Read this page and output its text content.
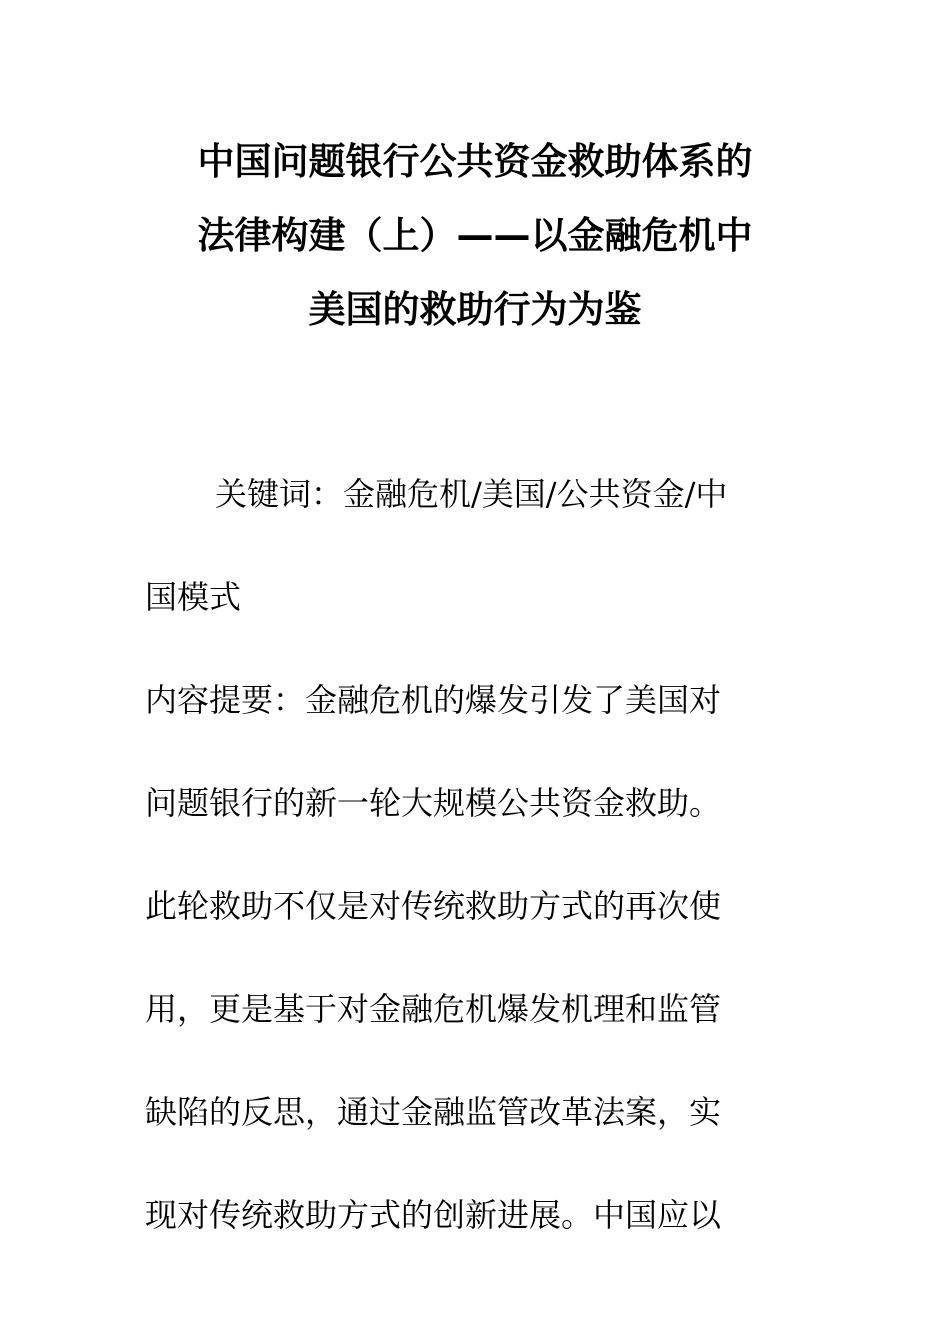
中国问题银行公共资金救助体系的
法律构建（上）——以金融危机中
美国的救助行为为鉴
关键词：金融危机/美国/公共资金/中
国模式
内容提要：金融危机的爆发引发了美国对
问题银行的新一轮大规模公共资金救助。
此轮救助不仅是对传统救助方式的再次使
用，更是基于对金融危机爆发机理和监管
缺陷的反思，通过金融监管改革法案，实
现对传统救助方式的创新进展。中国应以
